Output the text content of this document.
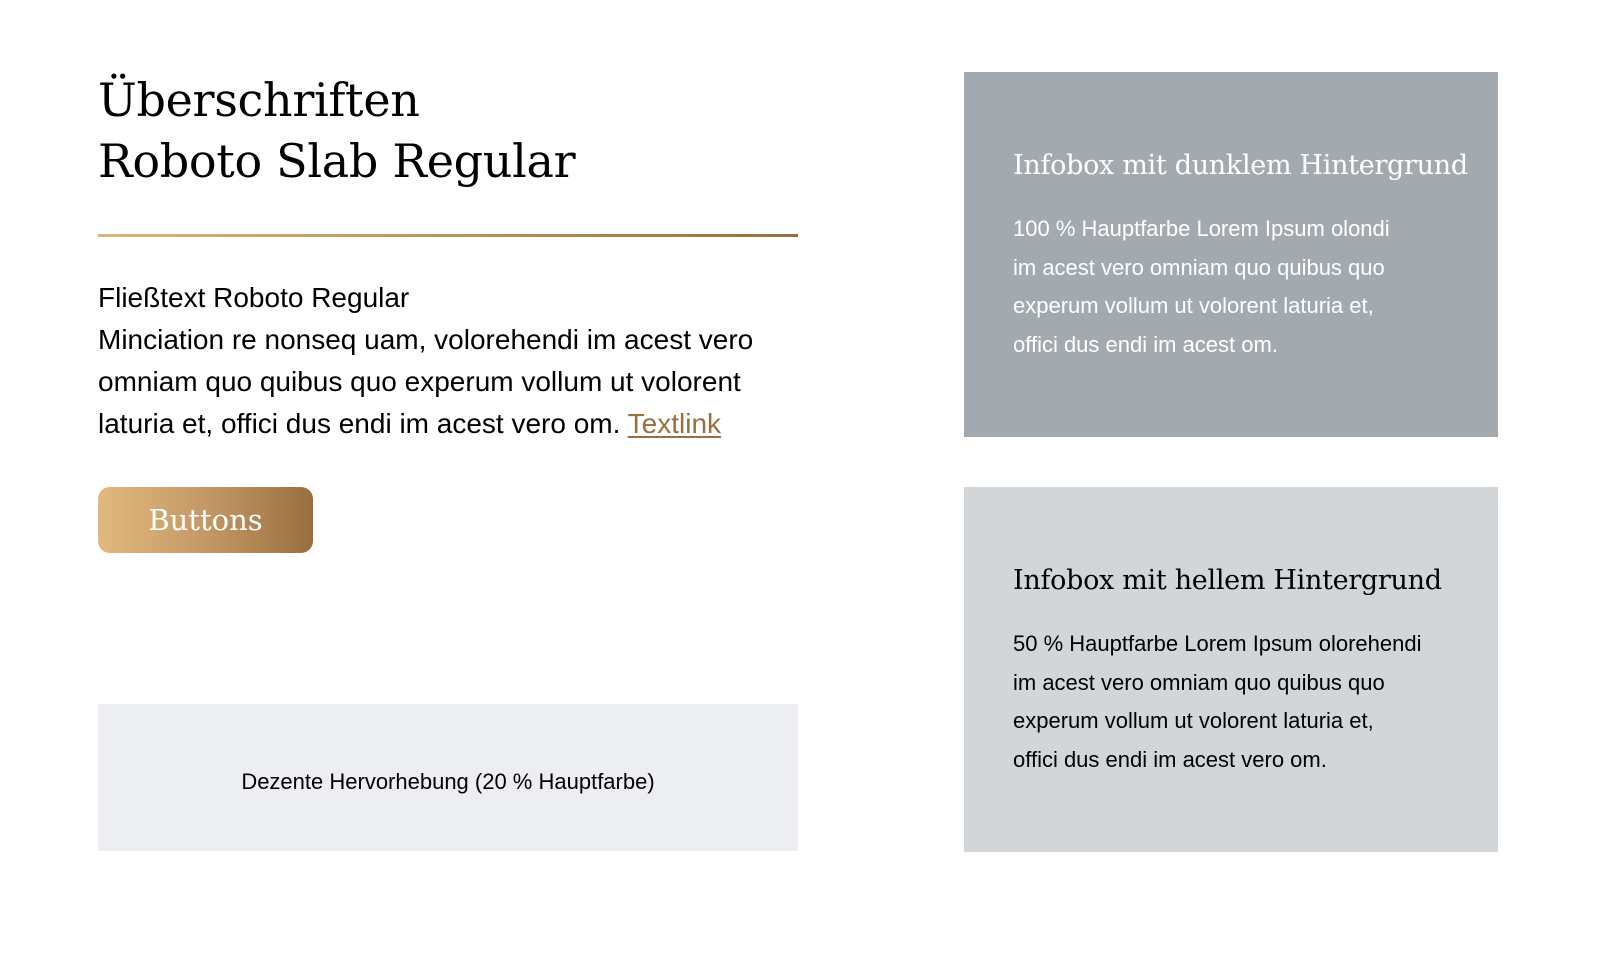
Überschriften
Roboto Slab Regular

Fließtext Roboto Regular
Minciation re nonseq uam, volorehendi im acest vero
omniam quo quibus quo experum vollum ut volorent
laturia et, offici dus endi im acest vero om. Textlink

Buttons
Dezente Hervorhebung (20 % Hauptfarbe)
Infobox mit dunklem Hintergrund

100 % Hauptfarbe Lorem Ipsum olondi
im acest vero omniam quo quibus quo
experum vollum ut volorent laturia et,
offici dus endi im acest om.

Infobox mit hellem Hintergrund

50 % Hauptfarbe Lorem Ipsum olorehendi
im acest vero omniam quo quibus quo
experum vollum ut volorent laturia et,
offici dus endi im acest vero om.
